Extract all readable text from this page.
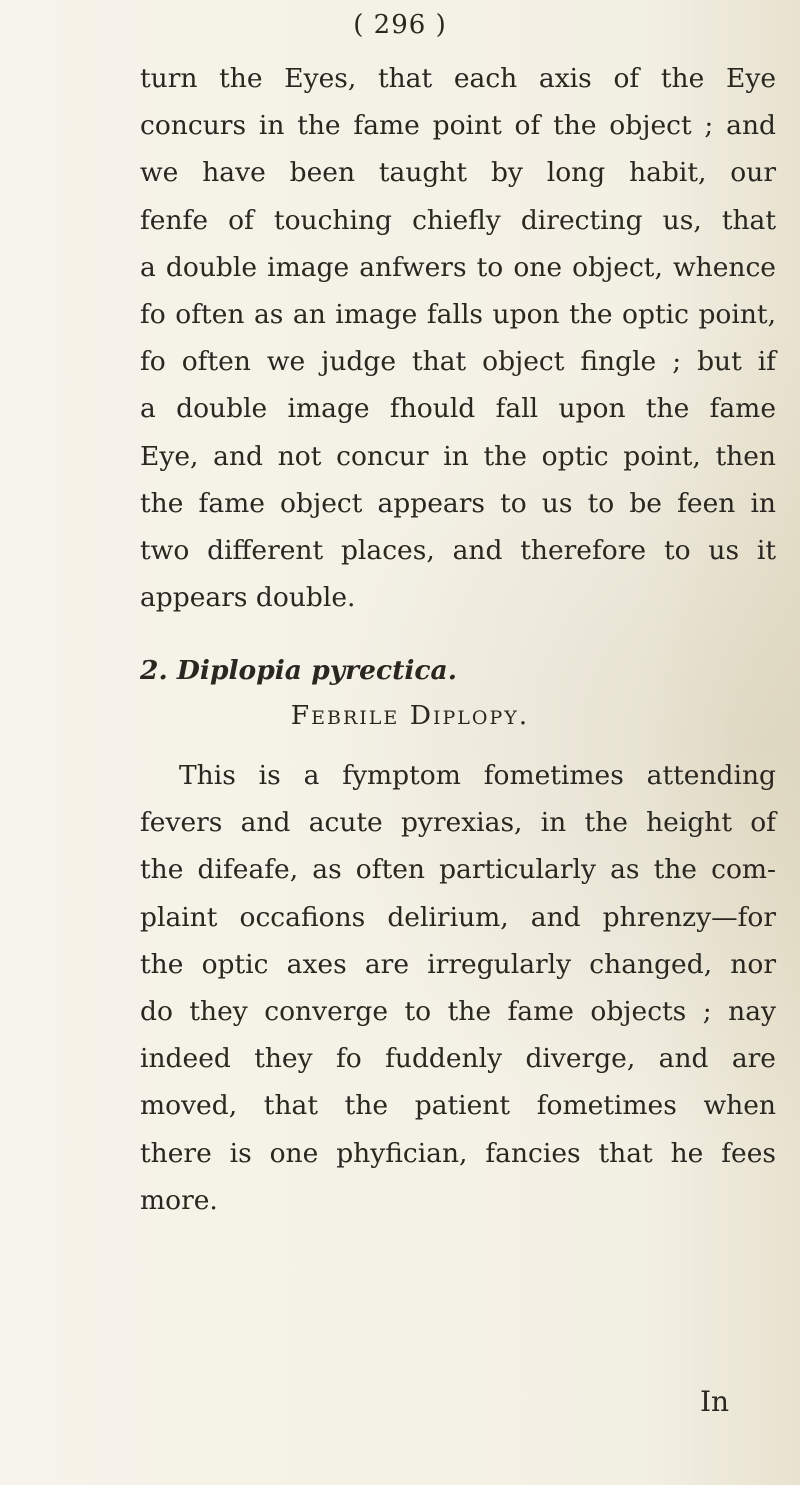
( 296 )
turn the Eyes, that each axis of the Eye
concurs in the fame point of the object ; and
we have been taught by long habit, our
fenfe of touching chiefly directing us, that
a double image anfwers to one object, whence
fo often as an image falls upon the optic point,
fo often we judge that object fingle ; but if
a double image fhould fall upon the fame
Eye, and not concur in the optic point, then
the fame object appears to us to be feen in
two different places, and therefore to us it
appears double.
2. Diplopia pyrectica.
Febrile Diplopy.
This is a fymptom fometimes attending
fevers and acute pyrexias, in the height of
the difeafe, as often particularly as the com-
plaint occafions delirium, and phrenzy—for
the optic axes are irregularly changed, nor
do they converge to the fame objects ; nay
indeed they fo fuddenly diverge, and are
moved, that the patient fometimes when
there is one phyfician, fancies that he fees
more.
In
